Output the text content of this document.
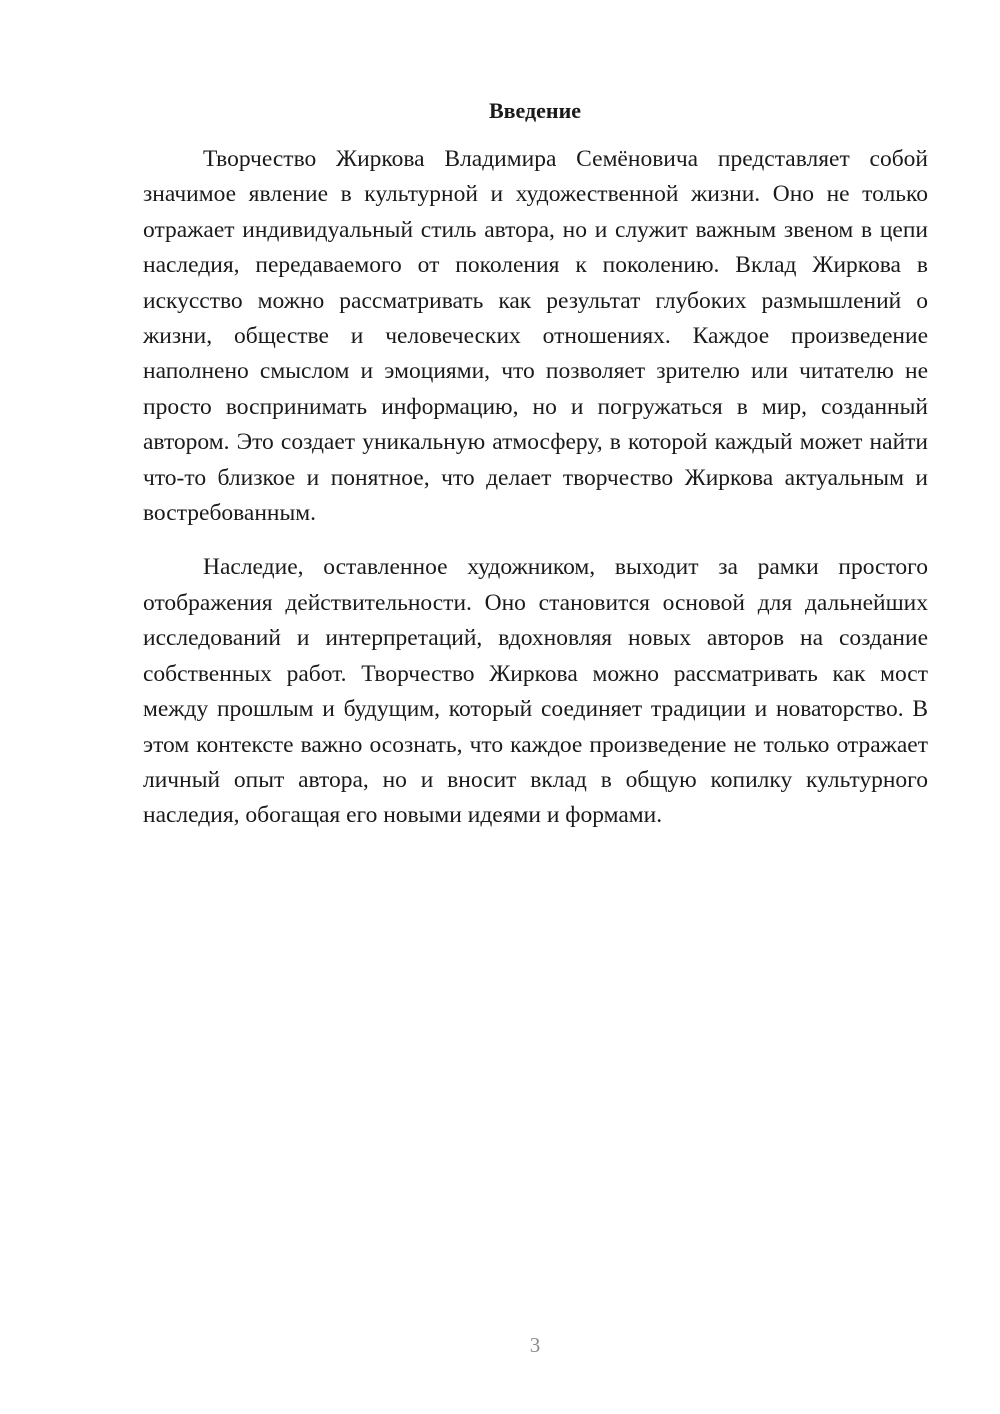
Введение

Творчество Жиркова Владимира Семёновича представляет собой значимое явление в культурной и художественной жизни. Оно не только отражает индивидуальный стиль автора, но и служит важным звеном в цепи наследия, передаваемого от поколения к поколению. Вклад Жиркова в искусство можно рассматривать как результат глубоких размышлений о жизни, обществе и человеческих отношениях. Каждое произведение наполнено смыслом и эмоциями, что позволяет зрителю или читателю не просто воспринимать информацию, но и погружаться в мир, созданный автором. Это создает уникальную атмосферу, в которой каждый может найти что-то близкое и понятное, что делает творчество Жиркова актуальным и востребованным.

Наследие, оставленное художником, выходит за рамки простого отображения действительности. Оно становится основой для дальнейших исследований и интерпретаций, вдохновляя новых авторов на создание собственных работ. Творчество Жиркова можно рассматривать как мост между прошлым и будущим, который соединяет традиции и новаторство. В этом контексте важно осознать, что каждое произведение не только отражает личный опыт автора, но и вносит вклад в общую копилку культурного наследия, обогащая его новыми идеями и формами.

3
